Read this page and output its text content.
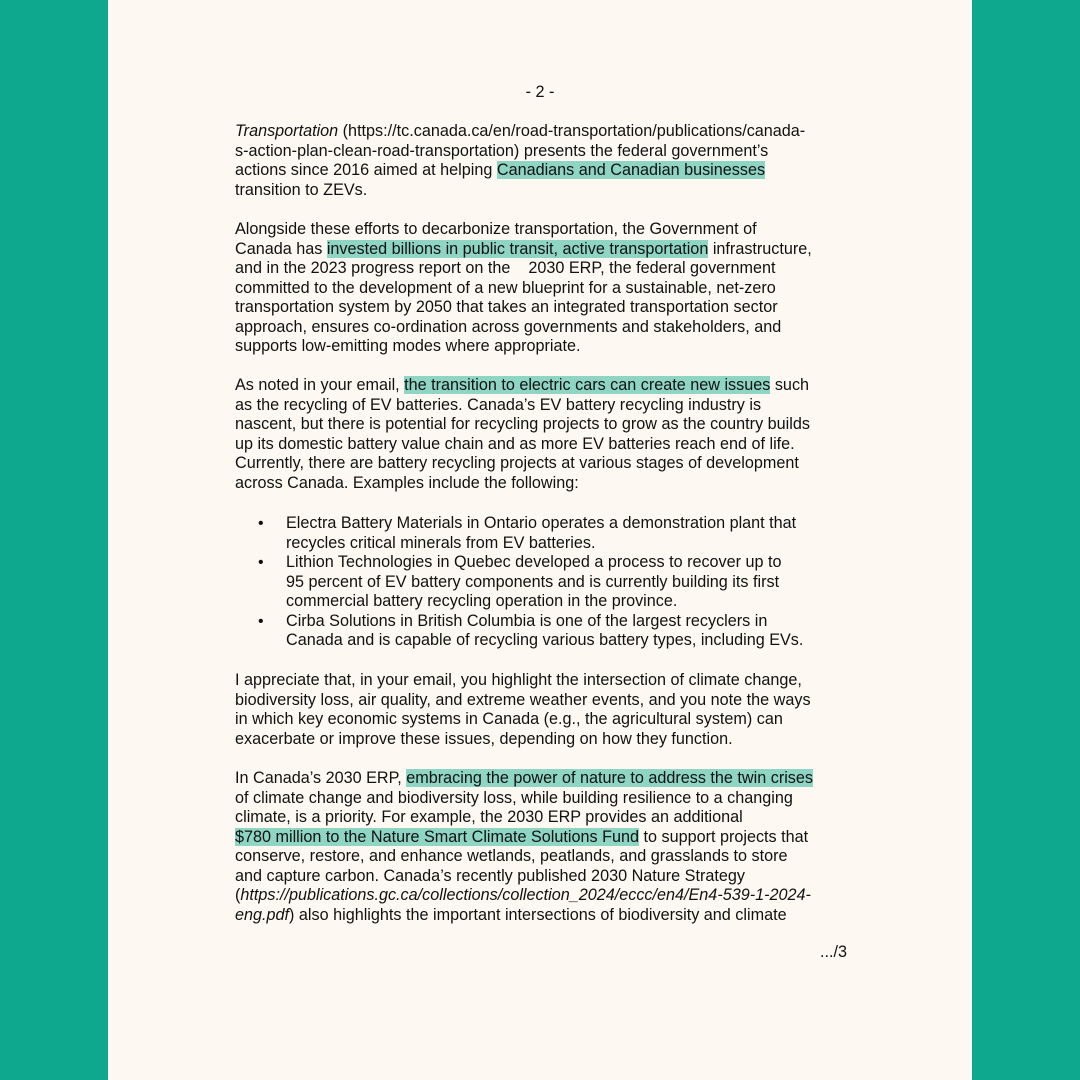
- 2 -
Transportation (https://tc.canada.ca/en/road-transportation/publications/canada-
s-action-plan-clean-road-transportation) presents the federal government’s
actions since 2016 aimed at helping Canadians and Canadian businesses
transition to ZEVs.
Alongside these efforts to decarbonize transportation, the Government of
Canada has invested billions in public transit, active transportation infrastructure,
and in the 2023 progress report on the    2030 ERP, the federal government
committed to the development of a new blueprint for a sustainable, net-zero
transportation system by 2050 that takes an integrated transportation sector
approach, ensures co-ordination across governments and stakeholders, and
supports low-emitting modes where appropriate.
As noted in your email, the transition to electric cars can create new issues such
as the recycling of EV batteries. Canada’s EV battery recycling industry is
nascent, but there is potential for recycling projects to grow as the country builds
up its domestic battery value chain and as more EV batteries reach end of life.
Currently, there are battery recycling projects at various stages of development
across Canada. Examples include the following:
• Electra Battery Materials in Ontario operates a demonstration plant that
recycles critical minerals from EV batteries.
• Lithion Technologies in Quebec developed a process to recover up to
95 percent of EV battery components and is currently building its first
commercial battery recycling operation in the province.
• Cirba Solutions in British Columbia is one of the largest recyclers in
Canada and is capable of recycling various battery types, including EVs.
I appreciate that, in your email, you highlight the intersection of climate change,
biodiversity loss, air quality, and extreme weather events, and you note the ways
in which key economic systems in Canada (e.g., the agricultural system) can
exacerbate or improve these issues, depending on how they function.
In Canada’s 2030 ERP, embracing the power of nature to address the twin crises
of climate change and biodiversity loss, while building resilience to a changing
climate, is a priority. For example, the 2030 ERP provides an additional
$780 million to the Nature Smart Climate Solutions Fund to support projects that
conserve, restore, and enhance wetlands, peatlands, and grasslands to store
and capture carbon. Canada’s recently published 2030 Nature Strategy
(https://publications.gc.ca/collections/collection_2024/eccc/en4/En4-539-1-2024-
eng.pdf) also highlights the important intersections of biodiversity and climate
.../3
